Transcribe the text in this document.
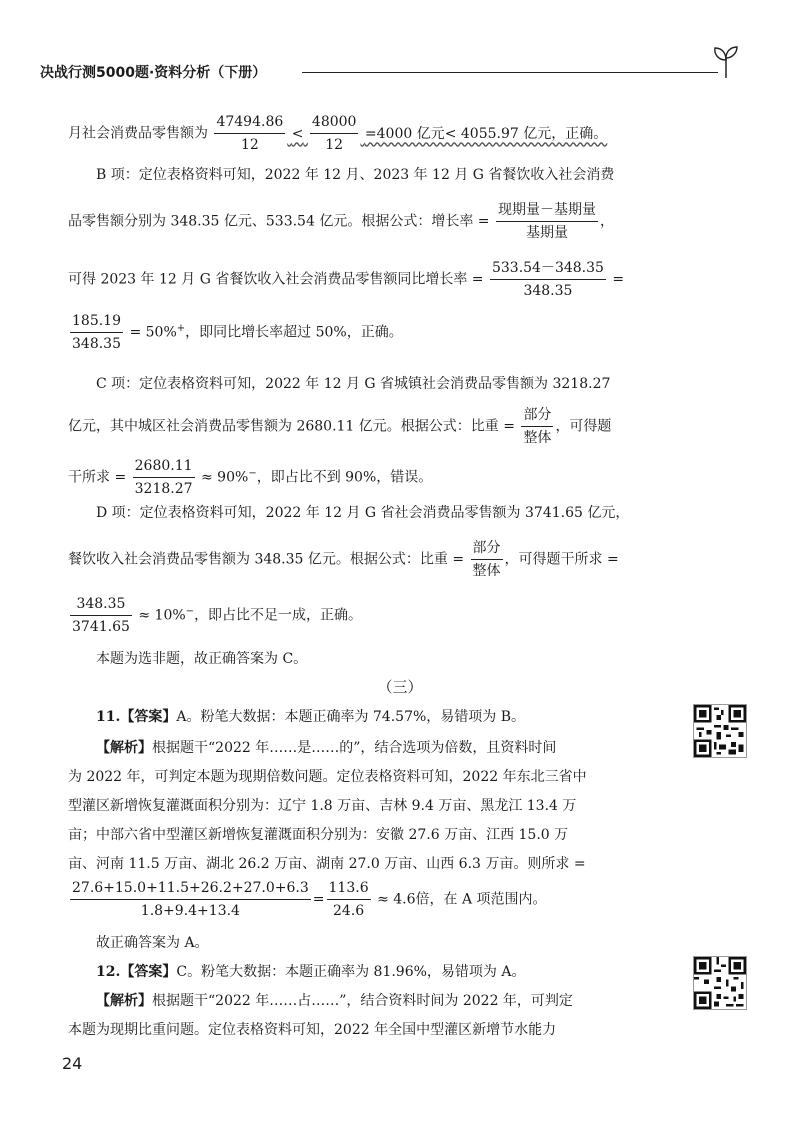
决战行测5000题·资料分析（下册）
月社会消费品零售额为 $\frac{47494.86}{12} < \frac{48000}{12} =4000$ 亿元< 4055.97 亿元，正确。
B 项：定位表格资料可知，2022 年 12 月、2023 年 12 月 G 省餐饮收入社会消费
品零售额分别为 348.35 亿元、533.54 亿元。根据公式：增长率 = $\frac{\text{现期量－基期量}}{\text{基期量}}$ ，
可得 2023 年 12 月 G 省餐饮收入社会消费品零售额同比增长率 = $\frac{533.54-348.35}{348.35}$ =
$\frac{185.19}{348.35} = 50\%^+$，即同比增长率超过 50%，正确。
C 项：定位表格资料可知，2022 年 12 月 G 省城镇社会消费品零售额为 3218.27
亿元，其中城区社会消费品零售额为 2680.11 亿元。根据公式：比重 = $\frac{\text{部分}}{\text{整体}}$ ，可得题
干所求 = $\frac{2680.11}{3218.27} \approx 90\%^-$，即占比不到 90%，错误。
D 项：定位表格资料可知，2022 年 12 月 G 省社会消费品零售额为 3741.65 亿元，
餐饮收入社会消费品零售额为 348.35 亿元。根据公式：比重 = $\frac{\text{部分}}{\text{整体}}$ ，可得题干所求 =
$\frac{348.35}{3741.65} \approx 10\%^-$，即占比不足一成，正确。
本题为选非题，故正确答案为 C。
（三）
11.【答案】A。粉笔大数据：本题正确率为 74.57%，易错项为 B。
【解析】根据题干“2022 年……是……的”，结合选项为倍数，且资料时间
为 2022 年，可判定本题为现期倍数问题。定位表格资料可知，2022 年东北三省中
型灌区新增恢复灌溉面积分别为：辽宁 1.8 万亩、吉林 9.4 万亩、黑龙江 13.4 万
亩；中部六省中型灌区新增恢复灌溉面积分别为：安徽 27.6 万亩、江西 15.0 万
亩、河南 11.5 万亩、湖北 26.2 万亩、湖南 27.0 万亩、山西 6.3 万亩。则所求 =
$\frac{27.6+15.0+11.5+26.2+27.0+6.3}{1.8+9.4+13.4} = \frac{113.6}{24.6} \approx 4.6$倍，在 A 项范围内。
故正确答案为 A。
12.【答案】C。粉笔大数据：本题正确率为 81.96%，易错项为 A。
【解析】根据题干“2022 年……占……”，结合资料时间为 2022 年，可判定
本题为现期比重问题。定位表格资料可知，2022 年全国中型灌区新增节水能力
24
